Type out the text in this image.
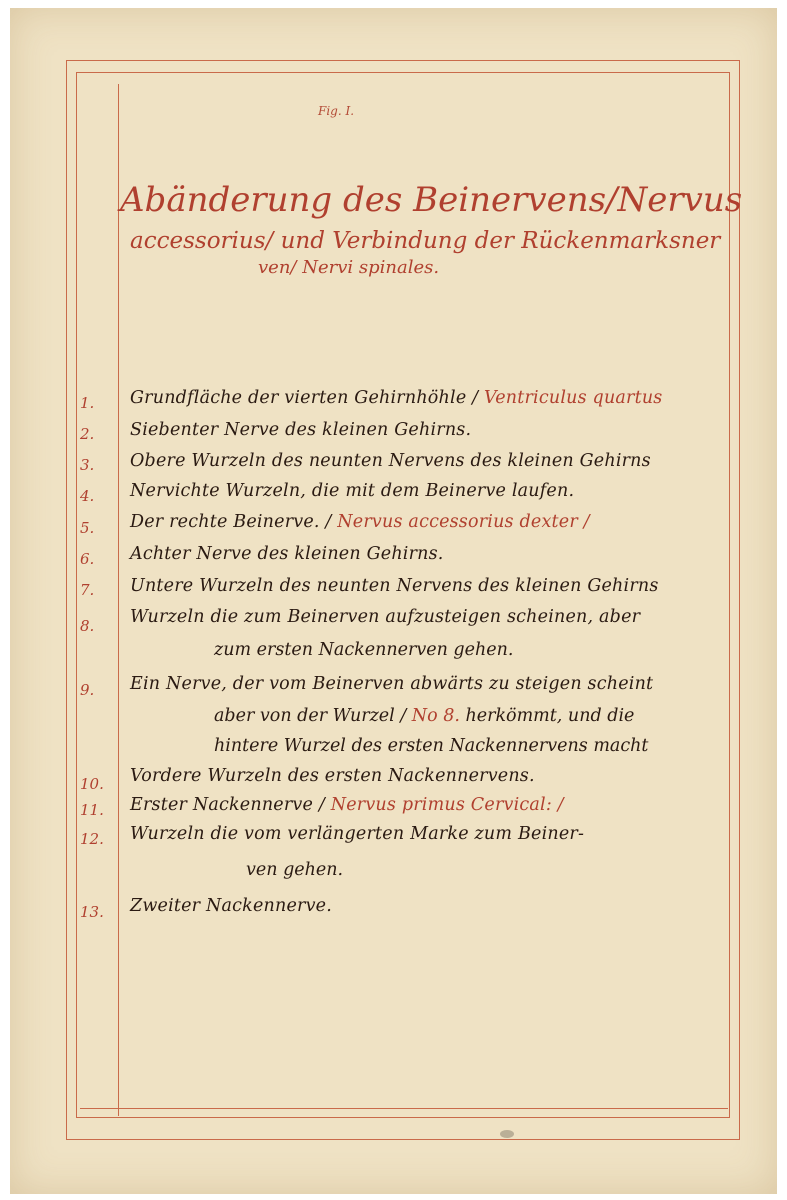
Fig. I.
Abänderung des Beinervens/Nervus
accessorius/ und Verbindung der Rückenmarksner
ven/ Nervi spinales.
1.	Grundfläche der vierten Gehirnhöhle / Ventriculus quartus
2.	Siebenter Nerve des kleinen Gehirns.
3.	Obere Wurzeln des neunten Nervens des kleinen Gehirns
4.	Nervichte Wurzeln, die mit dem Beinerve laufen.
5.	Der rechte Beinerve. / Nervus accessorius dexter /
6.	Achter Nerve des kleinen Gehirns.
7.	Untere Wurzeln des neunten Nervens des kleinen Gehirns
8.	Wurzeln die zum Beinerven aufzusteigen scheinen, aber
zum ersten Nackennerven gehen.
9.	Ein Nerve, der vom Beinerven abwärts zu steigen scheint
aber von der Wurzel / No 8. herkömmt, und die
hintere Wurzel des ersten Nackennervens macht
10.	Vordere Wurzeln des ersten Nackennervens.
11.	Erster Nackennerve / Nervus primus Cervical: /
12.	Wurzeln die vom verlängerten Marke zum Beiner-
ven gehen.
13.	Zweiter Nackennerve.
